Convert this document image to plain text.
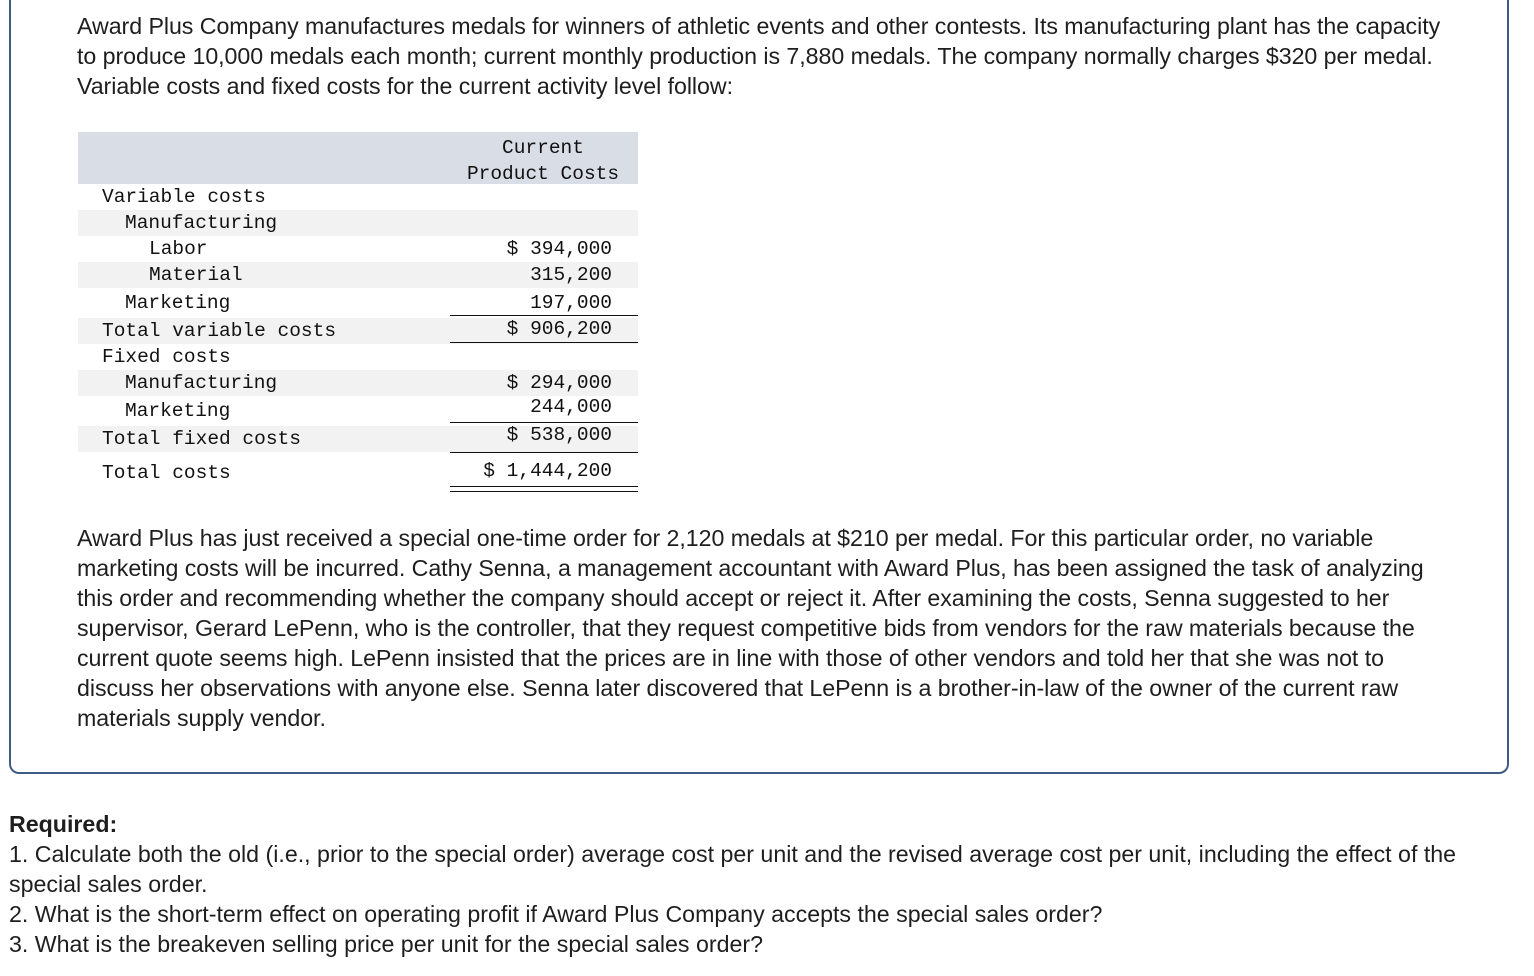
Award Plus Company manufactures medals for winners of athletic events and other contests. Its manufacturing plant has the capacity to produce 10,000 medals each month; current monthly production is 7,880 medals. The company normally charges $320 per medal. Variable costs and fixed costs for the current activity level follow:

Current
Product Costs
Variable costs
Manufacturing
Labor	$ 394,000
Material	315,200
Marketing	197,000
Total variable costs	$ 906,200
Fixed costs
Manufacturing	$ 294,000
Marketing	244,000
Total fixed costs	$ 538,000
Total costs	$ 1,444,200

Award Plus has just received a special one-time order for 2,120 medals at $210 per medal. For this particular order, no variable marketing costs will be incurred. Cathy Senna, a management accountant with Award Plus, has been assigned the task of analyzing this order and recommending whether the company should accept or reject it. After examining the costs, Senna suggested to her supervisor, Gerard LePenn, who is the controller, that they request competitive bids from vendors for the raw materials because the current quote seems high. LePenn insisted that the prices are in line with those of other vendors and told her that she was not to discuss her observations with anyone else. Senna later discovered that LePenn is a brother-in-law of the owner of the current raw materials supply vendor.

Required:

1. Calculate both the old (i.e., prior to the special order) average cost per unit and the revised average cost per unit, including the effect of the special sales order.

2. What is the short-term effect on operating profit if Award Plus Company accepts the special sales order?

3. What is the breakeven selling price per unit for the special sales order?
